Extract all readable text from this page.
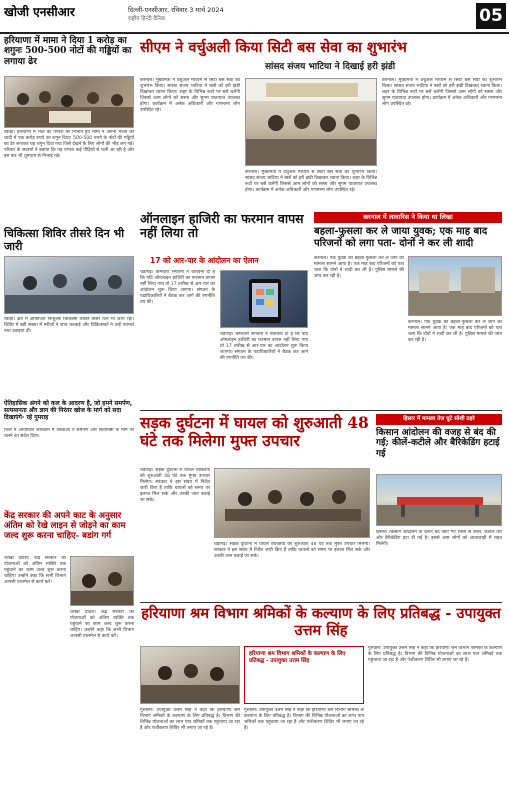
खोजी एनसीआर	दिल्ली-एनसीआर, रविवार 3 मार्च 2024
राष्ट्रीय हिन्दी दैनिक	05
हरियाणा में मामा ने दिया 1 करोड़ का शगुनः 500-500 नोटों की गड्डियों का लगाया ढेर
रेवाड़ी। हरियाणा में भात की परंपरा को निभाते हुए मामा ने अपनी भांजी की शादी में एक करोड़ रुपये का शगुन दिया। 500-500 रुपये के नोटों की गड्डियों का ढेर लगाकर यह शगुन दिया गया जिसे देखने के लिए लोगों की भीड़ लग गई। परिवार के सदस्यों ने बताया कि यह परंपरा कई पीढ़ियों से चली आ रही है और इस बार भी धूमधाम से निभाई गई।
चिकित्सा शिविर तीसरे दिन भी जारी
रेवाड़ी। क्षेत्र में आयोजित निःशुल्क चिकित्सा शिविर तीसरे दिन भी जारी रहा। शिविर में बड़ी संख्या में मरीजों ने जांच करवाई और चिकित्सकों ने उन्हें परामर्श तथा दवाइयां दीं।
ऐतिहासिक अंगने को कल के आदरण है, जो हमने समर्पण, सत्यमानता और ज्ञान की निरंतर खोज के मार्ग को सदा दिखाएंगे- रहे गुमराह
जिले में आयोजित कार्यक्रम में वक्ताओं ने समर्पण और सत्यनिष्ठा के मार्ग पर चलने का संदेश दिया।
सीएम ने वर्चुअली किया सिटी बस सेवा का शुभारंभ
सांसद संजय भाटिया ने दिखाई हरी झंडी
करनाल। मुख्यमंत्री ने वर्चुअल माध्यम से सिटी बस सेवा का शुभारंभ किया। सांसद संजय भाटिया ने बसों को हरी झंडी दिखाकर रवाना किया। शहर के विभिन्न रूटों पर बसें चलेंगी जिससे आम लोगों को सस्ता और सुगम यातायात उपलब्ध होगा। कार्यक्रम में अनेक अधिकारी और गणमान्य लोग उपस्थित रहे।
करनाल। मुख्यमंत्री ने वर्चुअल माध्यम से सिटी बस सेवा का शुभारंभ किया। सांसद संजय भाटिया ने बसों को हरी झंडी दिखाकर रवाना किया। शहर के विभिन्न रूटों पर बसें चलेंगी जिससे आम लोगों को सस्ता और सुगम यातायात उपलब्ध होगा। कार्यक्रम में अनेक अधिकारी और गणमान्य लोग उपस्थित रहे।
करनाल। मुख्यमंत्री ने वर्चुअल माध्यम से सिटी बस सेवा का शुभारंभ किया। सांसद संजय भाटिया ने बसों को हरी झंडी दिखाकर रवाना किया। शहर के विभिन्न रूटों पर बसें चलेंगी जिससे आम लोगों को सस्ता और सुगम यातायात उपलब्ध होगा। कार्यक्रम में अनेक अधिकारी और गणमान्य लोग उपस्थित रहे।
ऑनलाइन हाजिरी का फरमान वापस नहीं लिया तो
17 को आर-पार के आंदोलन का ऐलान
चंडीगढ़। कर्मचारी संगठनों ने चेतावनी दी है कि यदि ऑनलाइन हाजिरी का फरमान वापस नहीं लिया गया तो 17 तारीख से आर-पार का आंदोलन शुरू किया जाएगा। संगठन के पदाधिकारियों ने बैठक कर आगे की रणनीति तय की।
चंडीगढ़। कर्मचारी संगठनों ने चेतावनी दी है कि यदि ऑनलाइन हाजिरी का फरमान वापस नहीं लिया गया तो 17 तारीख से आर-पार का आंदोलन शुरू किया जाएगा। संगठन के पदाधिकारियों ने बैठक कर आगे की रणनीति तय की।
करनाल में लावारिस ने किया था लिखा
बहला-फुसला कर ले जाया युवक; एक माह बाद परिजनों को लगा पता- दोनों ने कर ली शादी
करनाल। एक युवक को बहला-फुसला कर ले जाने का मामला सामने आया है। एक माह बाद परिजनों को पता चला कि दोनों ने शादी कर ली है। पुलिस मामले की जांच कर रही है।
करनाल। एक युवक को बहला-फुसला कर ले जाने का मामला सामने आया है। एक माह बाद परिजनों को पता चला कि दोनों ने शादी कर ली है। पुलिस मामले की जांच कर रही है।
सड़क दुर्घटना में घायल को शुरुआती 48 घंटे तक मिलेगा मुफ्त उपचार
चंडीगढ़। सड़क दुर्घटना में घायल व्यक्तियों को शुरुआती 48 घंटे तक मुफ्त उपचार मिलेगा। सरकार ने इस संबंध में निर्देश जारी किए हैं ताकि घायलों को समय पर इलाज मिल सके और उनकी जान बचाई जा सके।
चंडीगढ़। सड़क दुर्घटना में घायल व्यक्तियों को शुरुआती 48 घंटे तक मुफ्त उपचार मिलेगा। सरकार ने इस संबंध में निर्देश जारी किए हैं ताकि घायलों को समय पर इलाज मिल सके और उनकी जान बचाई जा सके।
हिसार में मामला तेज घुटे सोशी ठहरे
किसान आंदोलन की वजह से बंद की गई; कीलें-कटीले और बैरिकेडिंग हटाई गई
हिसार। किसान आंदोलन के चलते बंद किए गए रास्तों से कीलें, कटीले तार और बैरिकेडिंग हटा दी गई है। इससे आम लोगों को आवाजाही में राहत मिलेगी।
केंद्र सरकार की अपने काट के अनुसार अंतिम को रेखे लाइन से जोड़ने का काम जल्द शुरू करना चाहिए- बडांग गर्ग
चरखी दादरी। केंद्र सरकार की योजनाओं को अंतिम व्यक्ति तक पहुंचाने का काम जल्द शुरू करना चाहिए। उन्होंने कहा कि सभी विभाग आपसी तालमेल से कार्य करें।
चरखी दादरी। केंद्र सरकार की योजनाओं को अंतिम व्यक्ति तक पहुंचाने का काम जल्द शुरू करना चाहिए। उन्होंने कहा कि सभी विभाग आपसी तालमेल से कार्य करें।
हरियाणा श्रम विभाग श्रमिकों के कल्याण के लिए प्रतिबद्ध - उपायुक्त उत्तम सिंह
हरियाणा श्रम विभाग श्रमिकों के कल्याण के लिए प्रतिबद्ध - उपायुक्त उत्तम सिंह
गुरुग्राम। उपायुक्त उत्तम सिंह ने कहा कि हरियाणा श्रम विभाग श्रमिकों के कल्याण के लिए प्रतिबद्ध है। विभाग की विभिन्न योजनाओं का लाभ पात्र श्रमिकों तक पहुंचाया जा रहा है और पंजीकरण शिविर भी लगाए जा रहे हैं।
गुरुग्राम। उपायुक्त उत्तम सिंह ने कहा कि हरियाणा श्रम विभाग श्रमिकों के कल्याण के लिए प्रतिबद्ध है। विभाग की विभिन्न योजनाओं का लाभ पात्र श्रमिकों तक पहुंचाया जा रहा है और पंजीकरण शिविर भी लगाए जा रहे हैं।
गुरुग्राम। उपायुक्त उत्तम सिंह ने कहा कि हरियाणा श्रम विभाग श्रमिकों के कल्याण के लिए प्रतिबद्ध है। विभाग की विभिन्न योजनाओं का लाभ पात्र श्रमिकों तक पहुंचाया जा रहा है और पंजीकरण शिविर भी लगाए जा रहे हैं।
